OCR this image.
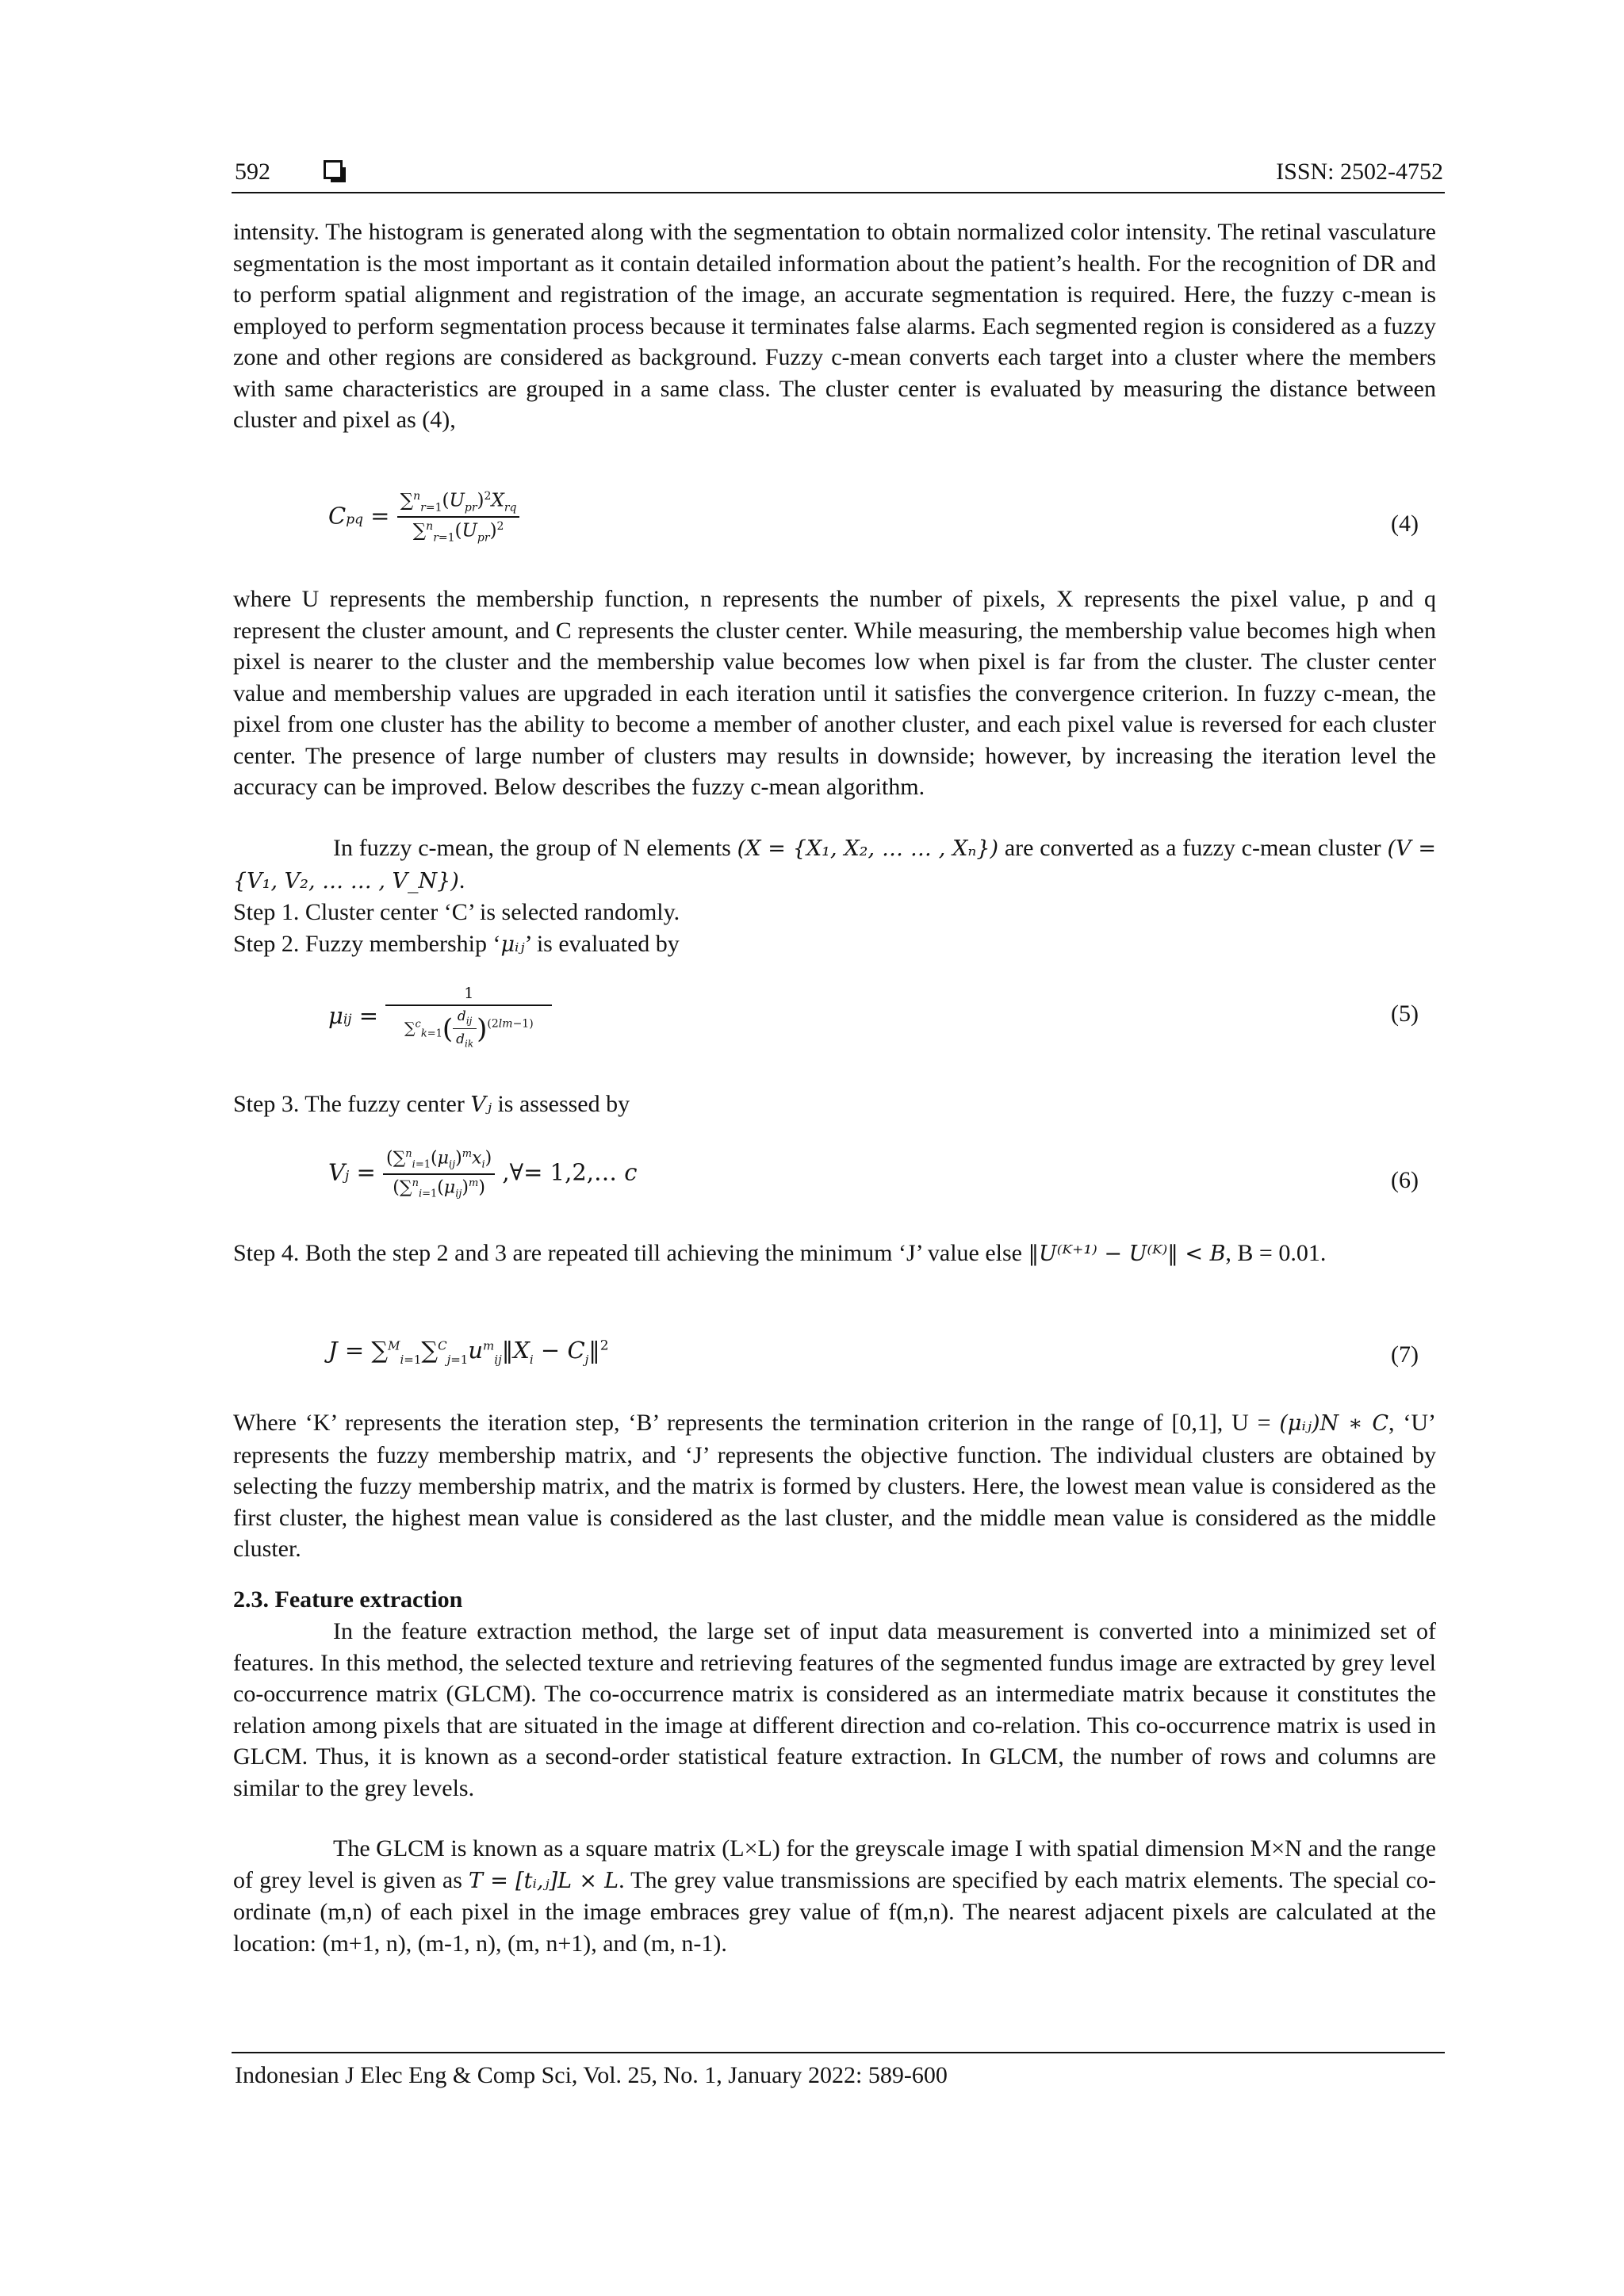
592	ISSN: 2502-4752

intensity. The histogram is generated along with the segmentation to obtain normalized color intensity. The retinal vasculature segmentation is the most important as it contain detailed information about the patient’s health. For the recognition of DR and to perform spatial alignment and registration of the image, an accurate segmentation is required. Here, the fuzzy c-mean is employed to perform segmentation process because it terminates false alarms. Each segmented region is considered as a fuzzy zone and other regions are considered as background. Fuzzy c-mean converts each target into a cluster where the members with same characteristics are grouped in a same class. The cluster center is evaluated by measuring the distance between cluster and pixel as (4),

Cpq = $\frac{\sum^n_{r=1}(U_{pr})^2X_{rq}}{\sum^n_{r=1}(U_{pr})^2}$	(4)

where U represents the membership function, n represents the number of pixels, X represents the pixel value, p and q represent the cluster amount, and C represents the cluster center. While measuring, the membership value becomes high when pixel is nearer to the cluster and the membership value becomes low when pixel is far from the cluster. The cluster center value and membership values are upgraded in each iteration until it satisfies the convergence criterion. In fuzzy c-mean, the pixel from one cluster has the ability to become a member of another cluster, and each pixel value is reversed for each cluster center. The presence of large number of clusters may results in downside; however, by increasing the iteration level the accuracy can be improved. Below describes the fuzzy c-mean algorithm.

In fuzzy c-mean, the group of N elements (X = {X₁, X₂, … … , Xₙ}) are converted as a fuzzy c-mean cluster (V = {V₁, V₂, … … , V_N}).

Step 1. Cluster center ‘C’ is selected randomly.

Step 2. Fuzzy membership ‘μᵢⱼ’ is evaluated by

$\mu ij = \frac{1}{\sum^c_{k=1}( \frac{d_{ij}}{d_{ik}} )^{(2lm-1)}}$	(5)

Step 3. The fuzzy center Vⱼ is assessed by

$Vj = \frac{(\sum^n_{i=1}(\mu_{ij})^mx_i)}{(\sum^n_{i=1}(\mu_{ij})^m)}$ ,∀= 1,2,… c	(6)

Step 4. Both the step 2 and 3 are repeated till achieving the minimum ‘J’ value else ‖U⁽ᴷ⁺¹⁾ − U⁽ᴷ⁾‖ < B, B = 0.01.

$J = \sum^M_{i=1}\sum^C_{j=1}u^m_{ij}‖X_i$ − $C_j‖^2$	(7)

Where ‘K’ represents the iteration step, ‘B’ represents the termination criterion in the range of [0,1], U = (μᵢⱼ)N ∗ C, ‘U’ represents the fuzzy membership matrix, and ‘J’ represents the objective function. The individual clusters are obtained by selecting the fuzzy membership matrix, and the matrix is formed by clusters. Here, the lowest mean value is considered as the first cluster, the highest mean value is considered as the last cluster, and the middle mean value is considered as the middle cluster.

2.3. Feature extraction

In the feature extraction method, the large set of input data measurement is converted into a minimized set of features. In this method, the selected texture and retrieving features of the segmented fundus image are extracted by grey level co-occurrence matrix (GLCM). The co-occurrence matrix is considered as an intermediate matrix because it constitutes the relation among pixels that are situated in the image at different direction and co-relation. This co-occurrence matrix is used in GLCM. Thus, it is known as a second-order statistical feature extraction. In GLCM, the number of rows and columns are similar to the grey levels.

The GLCM is known as a square matrix (L×L) for the greyscale image I with spatial dimension M×N and the range of grey level is given as T = [tᵢ,ⱼ]L × L. The grey value transmissions are specified by each matrix elements. The special co-ordinate (m,n) of each pixel in the image embraces grey value of f(m,n). The nearest adjacent pixels are calculated at the location: (m+1, n), (m-1, n), (m, n+1), and (m, n-1).

Indonesian J Elec Eng & Comp Sci, Vol. 25, No. 1, January 2022: 589-600
